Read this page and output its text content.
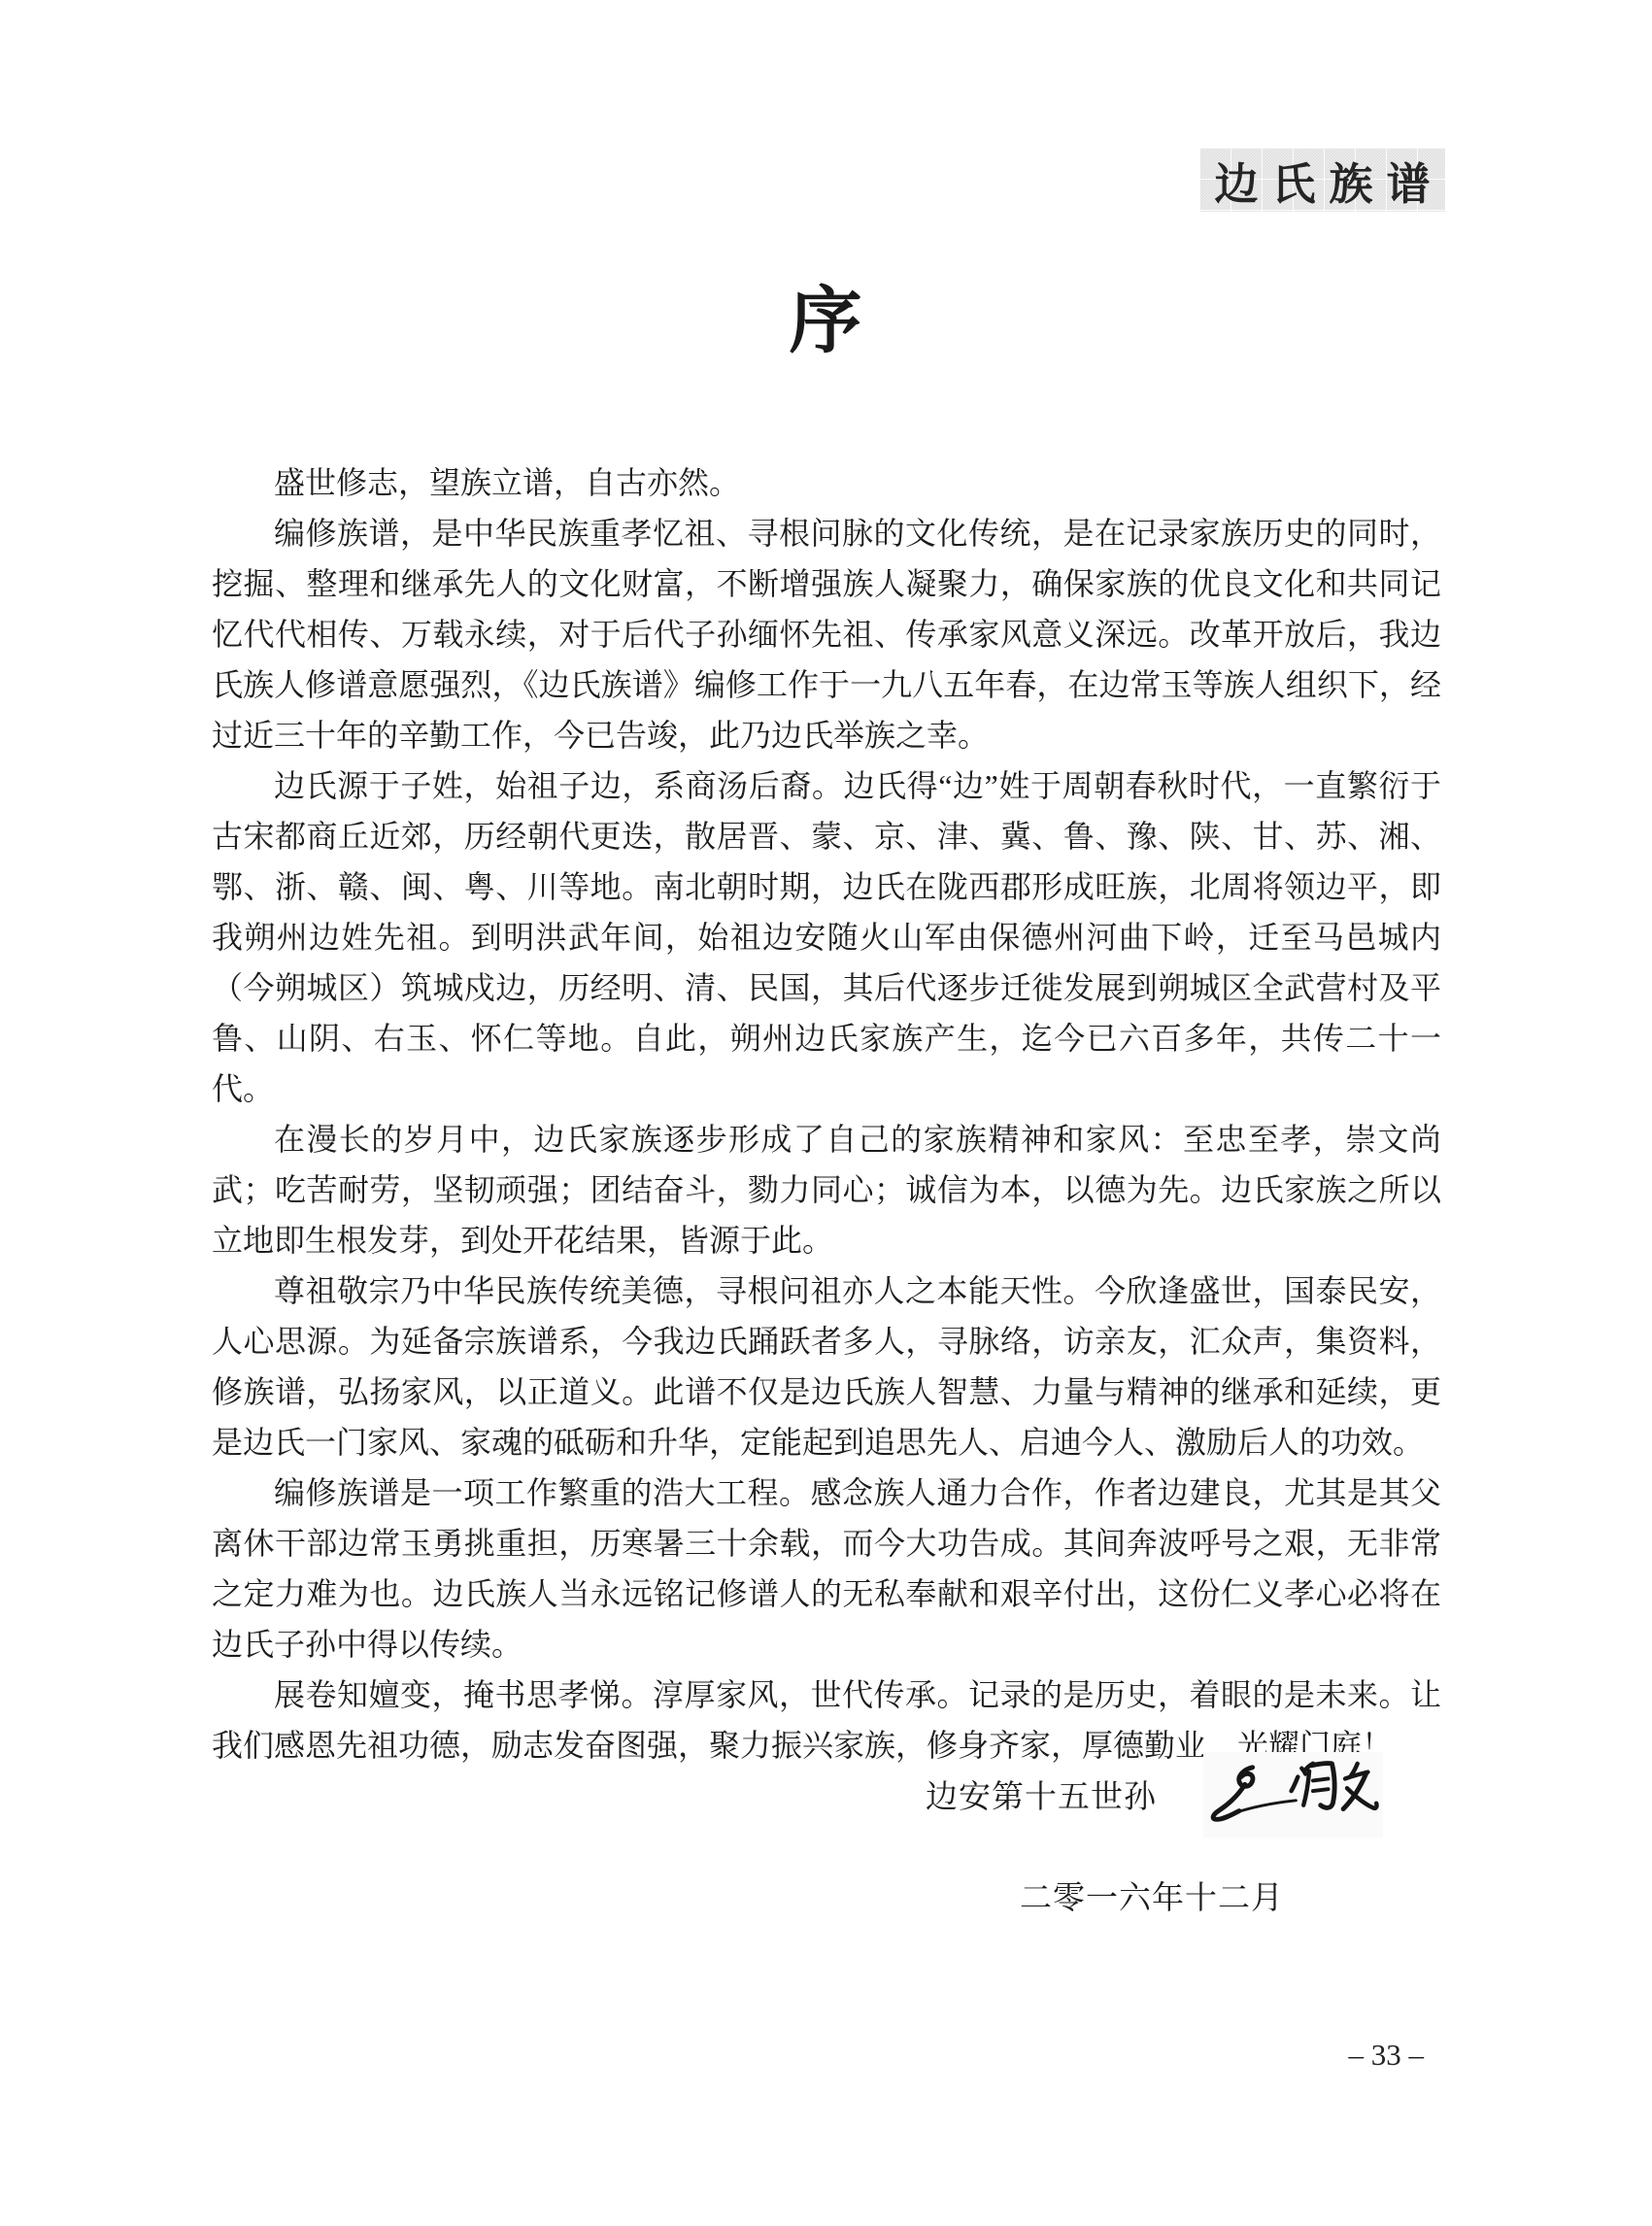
边氏族谱
序

盛世修志，望族立谱，自古亦然。

编修族谱，是中华民族重孝忆祖、寻根问脉的文化传统，是在记录家族历史的同时，挖掘、整理和继承先人的文化财富，不断增强族人凝聚力，确保家族的优良文化和共同记忆代代相传、万载永续，对于后代子孙缅怀先祖、传承家风意义深远。改革开放后，我边氏族人修谱意愿强烈，《边氏族谱》编修工作于一九八五年春，在边常玉等族人组织下，经过近三十年的辛勤工作，今已告竣，此乃边氏举族之幸。

边氏源于子姓，始祖子边，系商汤后裔。边氏得“边”姓于周朝春秋时代，一直繁衍于古宋都商丘近郊，历经朝代更迭，散居晋、蒙、京、津、冀、鲁、豫、陕、甘、苏、湘、鄂、浙、赣、闽、粤、川等地。南北朝时期，边氏在陇西郡形成旺族，北周将领边平，即我朔州边姓先祖。到明洪武年间，始祖边安随火山军由保德州河曲下岭，迁至马邑城内（今朔城区）筑城戍边，历经明、清、民国，其后代逐步迁徙发展到朔城区全武营村及平鲁、山阴、右玉、怀仁等地。自此，朔州边氏家族产生，迄今已六百多年，共传二十一代。

在漫长的岁月中，边氏家族逐步形成了自己的家族精神和家风：至忠至孝，崇文尚武；吃苦耐劳，坚韧顽强；团结奋斗，勠力同心；诚信为本，以德为先。边氏家族之所以立地即生根发芽，到处开花结果，皆源于此。

尊祖敬宗乃中华民族传统美德，寻根问祖亦人之本能天性。今欣逢盛世，国泰民安，人心思源。为延备宗族谱系，今我边氏踊跃者多人，寻脉络，访亲友，汇众声，集资料，修族谱，弘扬家风，以正道义。此谱不仅是边氏族人智慧、力量与精神的继承和延续，更是边氏一门家风、家魂的砥砺和升华，定能起到追思先人、启迪今人、激励后人的功效。

编修族谱是一项工作繁重的浩大工程。感念族人通力合作，作者边建良，尤其是其父离休干部边常玉勇挑重担，历寒暑三十余载，而今大功告成。其间奔波呼号之艰，无非常之定力难为也。边氏族人当永远铭记修谱人的无私奉献和艰辛付出，这份仁义孝心必将在边氏子孙中得以传续。

展卷知嬗变，掩书思孝悌。淳厚家风，世代传承。记录的是历史，着眼的是未来。让我们感恩先祖功德，励志发奋图强，聚力振兴家族，修身齐家，厚德勤业，光耀门庭！

边安第十五世孙
二零一六年十二月
– 33 –
